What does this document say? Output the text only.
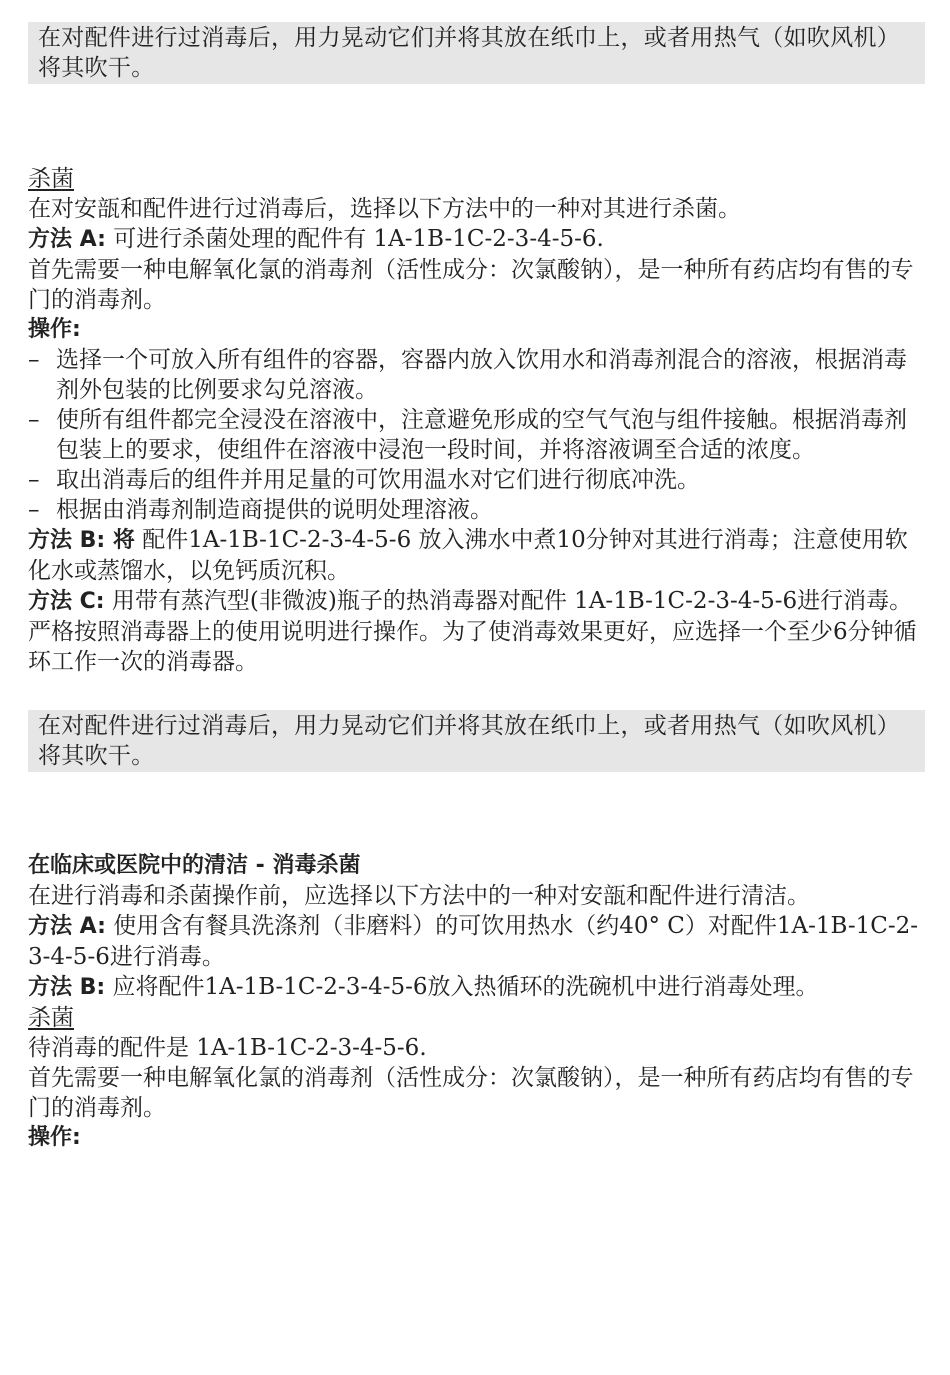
在对配件进行过消毒后，用力晃动它们并将其放在纸巾上，或者用热气（如吹风机）将其吹干。

杀菌

在对安瓿和配件进行过消毒后，选择以下方法中的一种对其进行杀菌。

方法 A: 可进行杀菌处理的配件有 1A-1B-1C-2-3-4-5-6.

首先需要一种电解氧化氯的消毒剂（活性成分：次氯酸钠），是一种所有药店均有售的专门的消毒剂。

操作:

– 选择一个可放入所有组件的容器，容器内放入饮用水和消毒剂混合的溶液，根据消毒剂外包装的比例要求勾兑溶液。
– 使所有组件都完全浸没在溶液中，注意避免形成的空气气泡与组件接触。根据消毒剂包装上的要求，使组件在溶液中浸泡一段时间，并将溶液调至合适的浓度。
– 取出消毒后的组件并用足量的可饮用温水对它们进行彻底冲洗。
– 根据由消毒剂制造商提供的说明处理溶液。

方法 B: 将 配件1A-1B-1C-2-3-4-5-6 放入沸水中煮10分钟对其进行消毒；注意使用软化水或蒸馏水，以免钙质沉积。

方法 C: 用带有蒸汽型(非微波)瓶子的热消毒器对配件 1A-1B-1C-2-3-4-5-6进行消毒。严格按照消毒器上的使用说明进行操作。为了使消毒效果更好，应选择一个至少6分钟循环工作一次的消毒器。

在对配件进行过消毒后，用力晃动它们并将其放在纸巾上，或者用热气（如吹风机）将其吹干。

在临床或医院中的清洁 - 消毒杀菌

在进行消毒和杀菌操作前，应选择以下方法中的一种对安瓿和配件进行清洁。

方法 A: 使用含有餐具洗涤剂（非磨料）的可饮用热水（约40° C）对配件1A-1B-1C-2-3-4-5-6进行消毒。

方法 B: 应将配件1A-1B-1C-2-3-4-5-6放入热循环的洗碗机中进行消毒处理。

杀菌

待消毒的配件是 1A-1B-1C-2-3-4-5-6.

首先需要一种电解氧化氯的消毒剂（活性成分：次氯酸钠），是一种所有药店均有售的专门的消毒剂。

操作:
